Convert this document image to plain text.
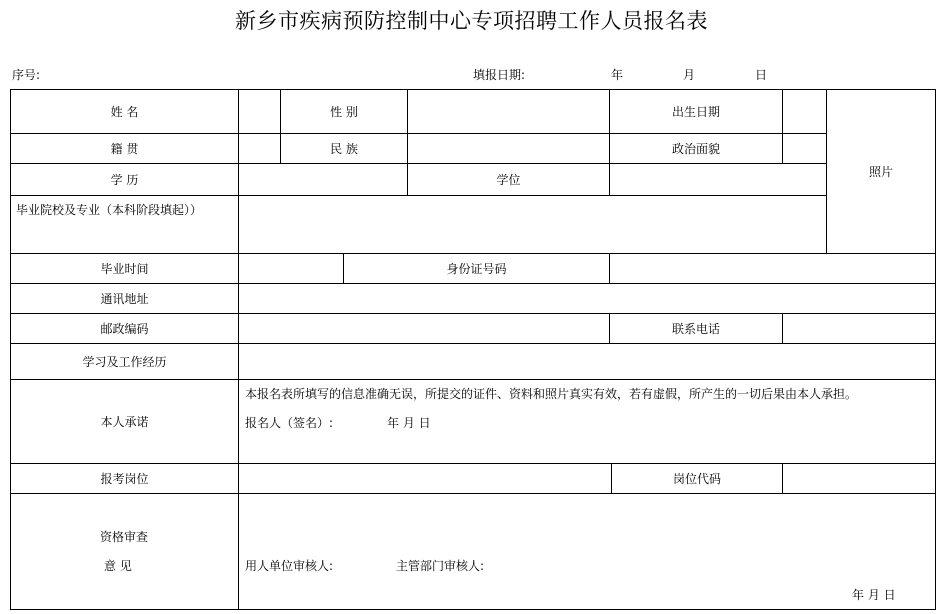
新乡市疾病预防控制中心专项招聘工作人员报名表
序号:	填报日期:	年	月	日
姓 名	性 别	出生日期
照片
籍 贯	民 族	政治面貌
学 历	学位
毕业院校及专业（本科阶段填起））
毕业时间	身份证号码
通讯地址
邮政编码	联系电话
学习及工作经历
本人承诺
本报名表所填写的信息准确无误，所提交的证件、资料和照片真实有效，若有虚假，所产生的一切后果由本人承担。
报名人（签名）:	年 月 日
报考岗位	岗位代码
资格审查
意 见	用人单位审核人:	主管部门审核人:
年 月 日
